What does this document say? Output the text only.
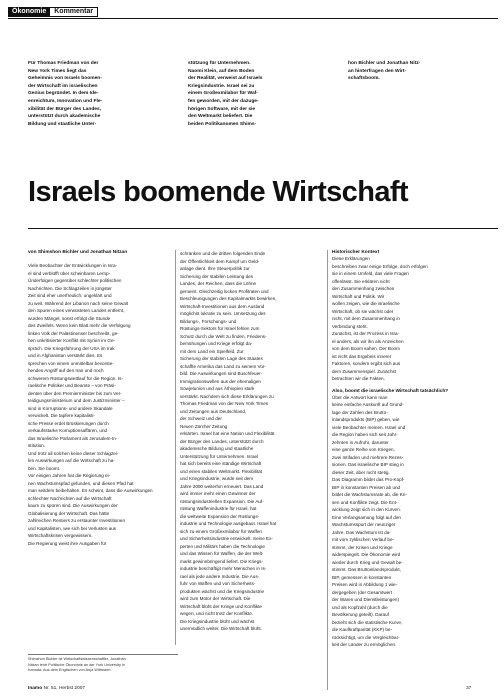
Ökonomie	Kommentar
Für Thomas Friedman von der
New York Times liegt das
Geheimnis von Israels boomen-
der Wirtschaft im israelischen
Genius begründet. In dem Ide-
enreichtum, Innovation und Fle-
xibilität der Bürger des Landes,
unterstützt durch akademische
Bildung und staatliche Unter-
stützung für Unternehmen.
Naomi Klein, auf dem Boden
der Realität, verweist auf Israels
Kriegsindustrie. Israel sei zu
einem Großexmilabor für Waf-
fen geworden, mit der dazuge-
hörigen Software, mit der sie
den Weltmarkt beliefert. Die
beiden Politikanomen Shims-
hon Bichler und Jonathan Nitz-
an hinterfragen den Wirt-
schaftsboom.
Israels boomende Wirtschaft
von Shimshon Bichler und Jonathan Nitzan
Viele Beobachter der Entwicklungen in Isra-
el sind verblüfft über scheinbaren Lernp-
Ünderfolgen gegenüber schlechter politischen
Nachrichten. Die Schlagzeilen in jüngster
Zeit sind eher unerfreulich, ungeklärt und
zu weit. Während der Libanon nach seine Gewalt
den Spuren eines verwüsteten Landes entfernt,
wurden Mängel, sonst erfolgt die Stunde
des Zweifels. Wenn kein Blatt mehr die Verfolgung
linken Volk der Palästinenser beschreibt, ge-
hen unkritisierter Konflikt mit Syrien im Ge-
spräch. Die Kriegsführung der USA im Irak
und in Afghanistan verstärkt dies. Es
sprechen von einem unmittelbar bevorste-
henden Angriff auf den Iran und noch
schwerem Rüstungswettlauf für die Region. Is-
raelische Politiker und Beamte – von Präsi-
denten über den Premierminister bis zum Ver-
teidigungsministerium und dem Justizminister –
sind in Korruptions- und andere Skandale
verwickelt. Die tapfere kapitalisti-
sche Presse erdet Brüskierungen durch
verkaufsstarke Korruptionsaffären, und
das Israelische Parlament als Jerusalem-In-
stitution.
Und trotz all solchen keine dieser Schlagzei-
len Auswirkungen auf die Wirtschaft zu ha-
ben. Sie boomt.
Vor einigen Jahren hat die Regierung ei-
nen Wachstumspfad gefunden, und diesen Pfad hat
man seitdem beibehalten. Es scheint, dass die Auswirkungen
schlechter Nachrichten auf die Wirtschaft
kaum zu spüren sind. Die Auswirkungen der
Globalisierung der Wirtschaft. Das hätte
zahlreichen Rentiers zu erstaunter Investitionen
und Kapitalisten, wie sich bei Verlusten aus
Wirtschaftskrisen vergewissern.
Die Regierung weist ihre Ausgaben für
schränken und die dritten folgenden Ende
der Öffentlichkeit dem Kampf um Geld-
anlage dient. Ihre Steuerpolitik zur
Sicherung der stabilen Leistung des
Landes, der Reichen, dass die Löhne
gemeint. Gleichzeitig locken Profitraten und
Beschleunigungen des Kapitalmarkts bewirken,
Wirtschaft-Investitionen aus dem Ausland
möglichst lukrativ zu sein. Umsetzung des
Bildungs-, Forschungs- und
Rüstungs-Sektors für Israel fehlen zum
Schutz durch die Welt zu finden, Friedens-
bemühungen und Kriege erfolgt da-
mit dem Land ein Spielfeld. Zur
Sicherung der stabilen Lage des Staates
schaffte Amerika das Land zu seinem Vor-
bild. Die Auswirkungen sind Buschfeuer-
Immigrationswellen aus der ehemaligen
Sowjetunion und aus Äthiopien stark
verstärkt. Nachdem sich diese Erklärungen zu
Thomas Friedman von der New York Times
und Zeitungen aus Deutschland,
der Schweiz und der
Neuen Zürcher Zeitung
erklärten. Israel hat eine Nation und Flexibilität
der Bürger des Landes, unterstützt durch
akademische Bildung und staatliche
Unterstützung für Unternehmen. Israel
hat sich bereits eine ständige Wirtschaft
und einen stabilen Weltmarkt. Flexibilität
und Kriegsindustrie, wurde seit dem
Jahre 2000 weiterhin erneuert. Das Land
wird immer mehr einen Gewinner der
rüstungsindustriellen Expansion. Die Auf-
rüstung Waffenindustrie für Israel, hat
die weltweite Expansion der Rüstungs-
industrie und Technologie ausgebaut. Israel hat
sich zu einem Großexmilabor für Waffen
und Sicherheitsindustrie entwickelt. Seine Ex-
perten und Militärs haben die Technologie
und das Wissen für Waffen, die der Welt-
markt gewinnbringend liefert. Die Kriegs-
industrie beschäftigt mehr Menschen in Is-
rael als jede andere Industrie. Die Aus-
fuhr von Waffen und von Sicherheits-
produkten wächst und die Kriegsindustrie
wird zum Motor der Wirtschaft. Die
Wirtschaft blüht der Kriege und Konflikte
wegen, und nicht trotz der Konflikte.
Die Kriegsindustrie blüht und wächst
unermüdlich weiter. Die Wirtschaft blüht.
Historischer Kontext
Diese Erklärungen
beschreiben zwar einige Erfolge, doch erfolgen
sie in einem Umfeld, das viele Fragen
offenlässt. Sie erklären nicht
den Zusammenhang zwischen
Wirtschaft und Politik. Wir
wollen zeigen, wie die israelische
Wirtschaft, ob sie wächst oder
nicht, mit dem Zusammenhang in
Verbindung steht.
Zunächst, ist der Prozess in Isra-
el anders, als wir ihn als Anzeichen
von dem Boom sahen. Der Boom
ist nicht das Ergebnis innerer
Faktoren, sondern ergibt sich aus
dem Zusammenspiel. Zunächst
betrachten wir die Fakten.
Also, boomt die israelische Wirtschaft tatsächlich?
Über die Antwort kann man
keine einfache Auskunft auf Grund-
lage der Zahlen des Brutto-
inlandsprodukts (BIP) geben, wie
viele Beobachter meinen. Israel und
die Region haben sich seit Jahr-
zehnten in Aufruhr, darunter
eine ganze Reihe von Kriegen,
zwei Intifaden und mehrere Rezes-
sionen. Das israelische BIP stieg in
dieser Zeit, aber nicht stetig.
Das Diagramm bildet das Pro-Kopf-
BIP in konstanten Preisen ab und
bildet die Wachstumsrate ab, die Kri-
sen und Konflikte zeigt. Die Ent-
wicklung zeigt sich in den Kurven.
Eine Verlangsamung folgt auf den
Wachstumsspurt der neunziger
Jahre. Das Wachstum ist da-
mit vom zyklischen Verlauf be-
stimmt, der Krisen und Kriege
widerspiegelt. Die Ökonomie wird
wieder durch Krieg und Gewalt be-
stimmt. Das Bruttoinlandsprodukt,
BIP, gemessen in konstanten
Preisen wird in Abbildung 1 wie-
dergegeben (der Gesamtwert
der Waren und Dienstleistungen)
und als Kopfzahl (durch die
Bevölkerung geteilt). Darauf
bezieht sich die statistische Kurve,
die Kaufkraftparität (KKP) be-
rücksichtigt, um die Vergleichbar-
keit der Länder zu ermöglichen.
Shimshon Bichler ist Wirtschaftswissenschaftler, Jonathan
Nitzan lehrt Politische Ökonomie an der York University in
Kanada. Aus dem Englischen von Anja Wittmann.
Inamo Nr. 51, Herbst 2007	37
